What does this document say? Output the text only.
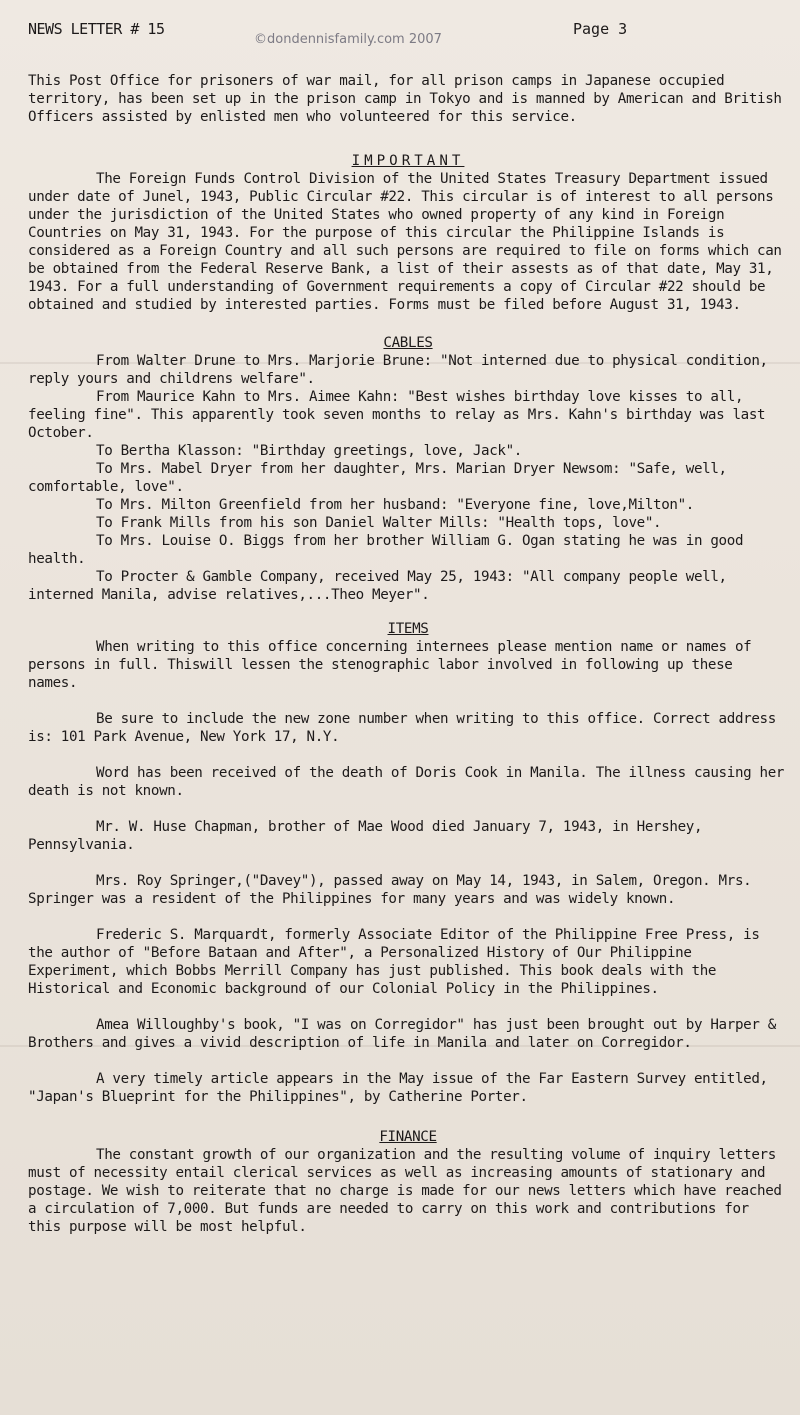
NEWS LETTER # 15
©dondennisfamily.com 2007
Page 3

This Post Office for prisoners of war mail, for all prison camps in Japanese occupied territory, has been set up in the prison camp in Tokyo and is manned by American and British Officers assisted by enlisted men who volunteered for this service.

IMPORTANT

The Foreign Funds Control Division of the United States Treasury Department issued under date of Junel, 1943, Public Circular #22. This circular is of interest to all persons under the jurisdiction of the United States who owned property of any kind in Foreign Countries on May 31, 1943. For the purpose of this circular the Philippine Islands is considered as a Foreign Country and all such persons are required to file on forms which can be obtained from the Federal Reserve Bank, a list of their assests as of that date, May 31, 1943. For a full understanding of Government requirements a copy of Circular #22 should be obtained and studied by interested parties. Forms must be filed before August 31, 1943.

CABLES

From Walter Drune to Mrs. Marjorie Brune: "Not interned due to physical condition, reply yours and childrens welfare".

From Maurice Kahn to Mrs. Aimee Kahn: "Best wishes birthday love kisses to all, feeling fine". This apparently took seven months to relay as Mrs. Kahn's birthday was last October.

To Bertha Klasson: "Birthday greetings, love, Jack".

To Mrs. Mabel Dryer from her daughter, Mrs. Marian Dryer Newsom: "Safe, well, comfortable, love".

To Mrs. Milton Greenfield from her husband: "Everyone fine, love,Milton".

To Frank Mills from his son Daniel Walter Mills: "Health tops, love".

To Mrs. Louise O. Biggs from her brother William G. Ogan stating he was in good health.

To Procter & Gamble Company, received May 25, 1943: "All company people well, interned Manila, advise relatives,...Theo Meyer".

ITEMS

When writing to this office concerning internees please mention name or names of persons in full. Thiswill lessen the stenographic labor involved in following up these names.

Be sure to include the new zone number when writing to this office. Correct address is: 101 Park Avenue, New York 17, N.Y.

Word has been received of the death of Doris Cook in Manila. The illness causing her death is not known.

Mr. W. Huse Chapman, brother of Mae Wood died January 7, 1943, in Hershey, Pennsylvania.

Mrs. Roy Springer,("Davey"), passed away on May 14, 1943, in Salem, Oregon. Mrs. Springer was a resident of the Philippines for many years and was widely known.

Frederic S. Marquardt, formerly Associate Editor of the Philippine Free Press, is the author of "Before Bataan and After", a Personalized History of Our Philippine Experiment, which Bobbs Merrill Company has just published. This book deals with the Historical and Economic background of our Colonial Policy in the Philippines.

Amea Willoughby's book, "I was on Corregidor" has just been brought out by Harper & Brothers and gives a vivid description of life in Manila and later on Corregidor.

A very timely article appears in the May issue of the Far Eastern Survey entitled, "Japan's Blueprint for the Philippines", by Catherine Porter.

FINANCE

The constant growth of our organization and the resulting volume of inquiry letters must of necessity entail clerical services as well as increasing amounts of stationary and postage. We wish to reiterate that no charge is made for our news letters which have reached a circulation of 7,000. But funds are needed to carry on this work and contributions for this purpose will be most helpful.
